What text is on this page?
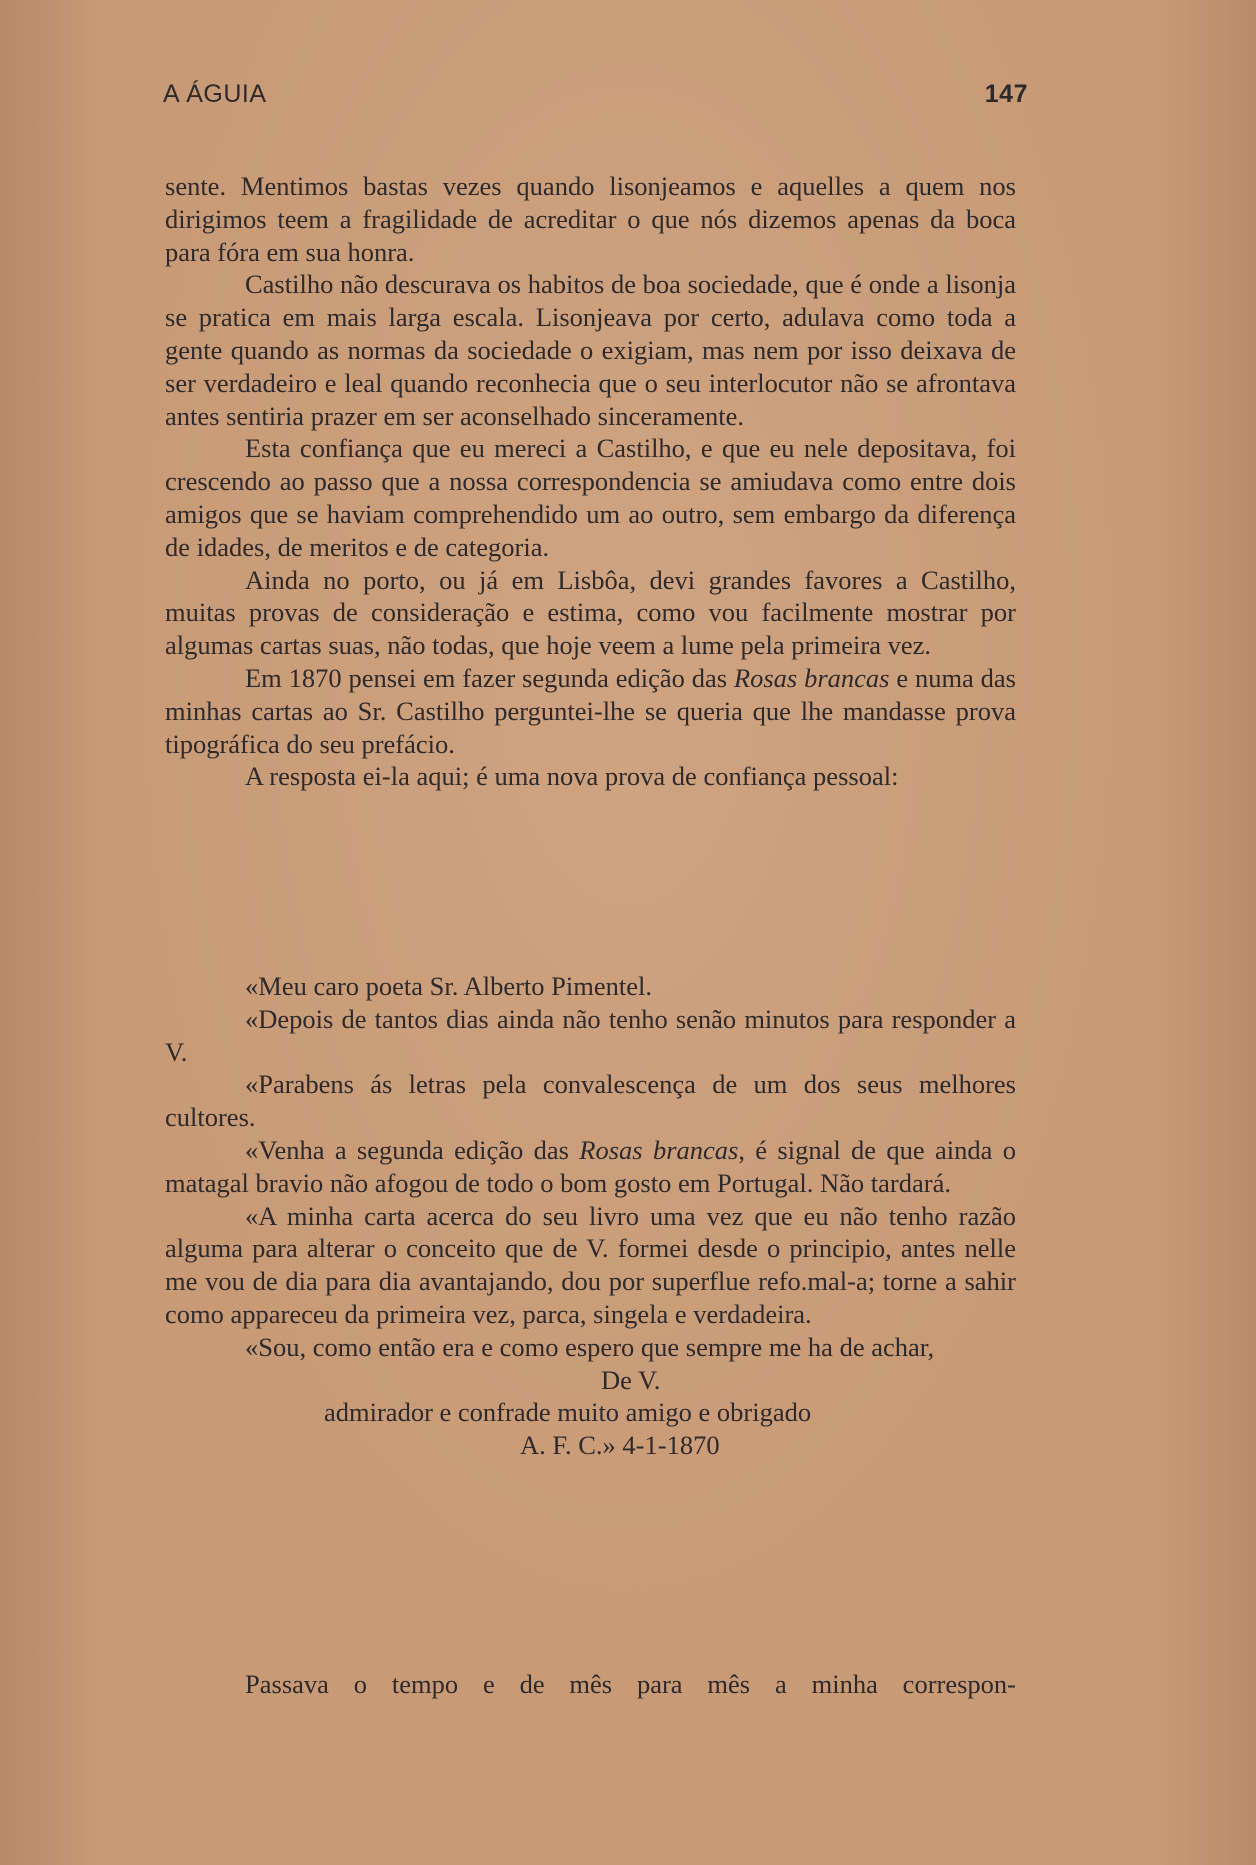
A ÁGUIA	147

sente. Mentimos bastas vezes quando lisonjeamos e aquelles a quem nos dirigimos teem a fragilidade de acreditar o que nós dizemos apenas da boca para fóra em sua honra.

Castilho não descurava os habitos de boa sociedade, que é onde a lisonja se pratica em mais larga escala. Lisonjeava por certo, adulava como toda a gente quando as normas da sociedade o exigiam, mas nem por isso deixava de ser verdadeiro e leal quando reconhecia que o seu interlocutor não se afrontava antes sentiria prazer em ser aconselhado sinceramente.

Esta confiança que eu mereci a Castilho, e que eu nele depositava, foi crescendo ao passo que a nossa correspondencia se amiudava como entre dois amigos que se haviam comprehendido um ao outro, sem embargo da diferença de idades, de meritos e de categoria.

Ainda no porto, ou já em Lisbôa, devi grandes favores a Castilho, muitas provas de consideração e estima, como vou facilmente mostrar por algumas cartas suas, não todas, que hoje veem a lume pela primeira vez.

Em 1870 pensei em fazer segunda edição das Rosas brancas e numa das minhas cartas ao Sr. Castilho perguntei-lhe se queria que lhe mandasse prova tipográfica do seu prefácio.

A resposta ei-la aqui; é uma nova prova de confiança pessoal:

«Meu caro poeta Sr. Alberto Pimentel.

«Depois de tantos dias ainda não tenho senão minutos para responder a V.

«Parabens ás letras pela convalescença de um dos seus melhores cultores.

«Venha a segunda edição das Rosas brancas, é signal de que ainda o matagal bravio não afogou de todo o bom gosto em Portugal. Não tardará.

«A minha carta acerca do seu livro uma vez que eu não tenho razão alguma para alterar o conceito que de V. formei desde o principio, antes nelle me vou de dia para dia avantajando, dou por superflue refo.mal-a; torne a sahir como appareceu da primeira vez, parca, singela e verdadeira.

«Sou, como então era e como espero que sempre me ha de achar,

De V.
admirador e confrade muito amigo e obrigado
A. F. C.» 4-1-1870

Passava o tempo e de mês para mês a minha correspon-
